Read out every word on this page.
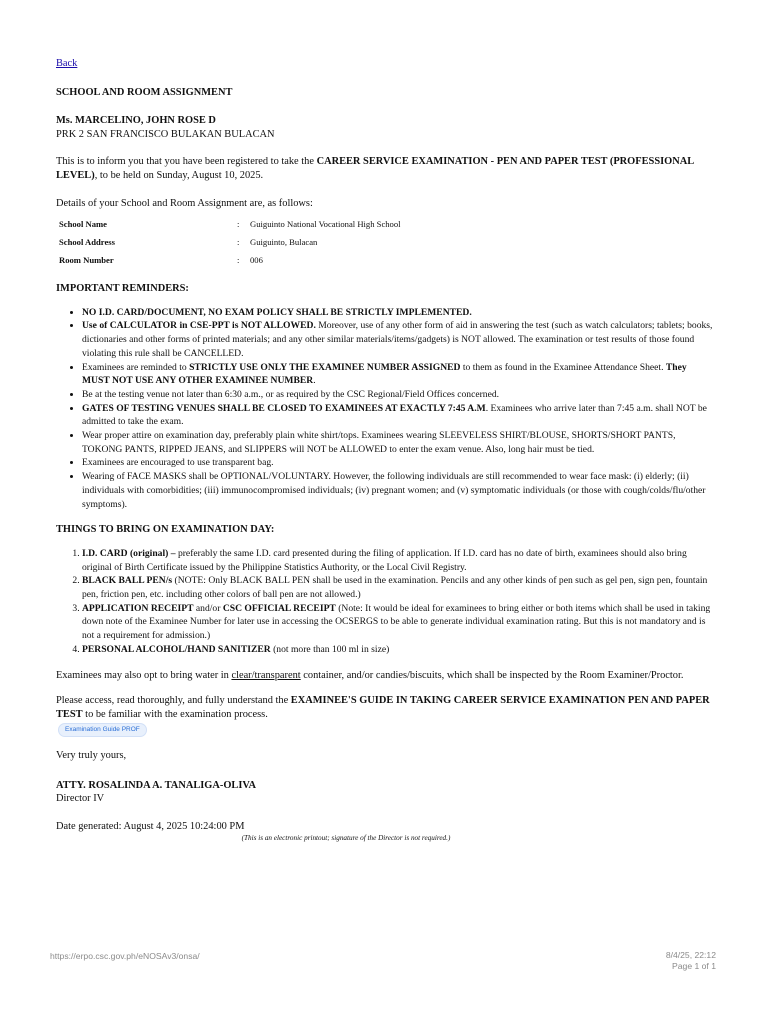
Back
SCHOOL AND ROOM ASSIGNMENT
Ms. MARCELINO, JOHN ROSE D
PRK 2 SAN FRANCISCO BULAKAN BULACAN
This is to inform you that you have been registered to take the CAREER SERVICE EXAMINATION - PEN AND PAPER TEST (PROFESSIONAL LEVEL), to be held on Sunday, August 10, 2025.
Details of your School and Room Assignment are, as follows:
School Name	:	Guiguinto National Vocational High School
School Address	:	Guiguinto, Bulacan
Room Number	:	006
IMPORTANT REMINDERS:
• NO I.D. CARD/DOCUMENT, NO EXAM POLICY SHALL BE STRICTLY IMPLEMENTED.
• Use of CALCULATOR in CSE-PPT is NOT ALLOWED. Moreover, use of any other form of aid in answering the test (such as watch calculators; tablets; books, dictionaries and other forms of printed materials; and any other similar materials/items/gadgets) is NOT allowed. The examination or test results of those found violating this rule shall be CANCELLED.
• Examinees are reminded to STRICTLY USE ONLY THE EXAMINEE NUMBER ASSIGNED to them as found in the Examinee Attendance Sheet. They MUST NOT USE ANY OTHER EXAMINEE NUMBER.
• Be at the testing venue not later than 6:30 a.m., or as required by the CSC Regional/Field Offices concerned.
• GATES OF TESTING VENUES SHALL BE CLOSED TO EXAMINEES AT EXACTLY 7:45 A.M. Examinees who arrive later than 7:45 a.m. shall NOT be admitted to take the exam.
• Wear proper attire on examination day, preferably plain white shirt/tops. Examinees wearing SLEEVELESS SHIRT/BLOUSE, SHORTS/SHORT PANTS, TOKONG PANTS, RIPPED JEANS, and SLIPPERS will NOT be ALLOWED to enter the exam venue. Also, long hair must be tied.
• Examinees are encouraged to use transparent bag.
• Wearing of FACE MASKS shall be OPTIONAL/VOLUNTARY. However, the following individuals are still recommended to wear face mask: (i) elderly; (ii) individuals with comorbidities; (iii) immunocompromised individuals; (iv) pregnant women; and (v) symptomatic individuals (or those with cough/colds/flu/other symptoms).
THINGS TO BRING ON EXAMINATION DAY:
1. I.D. CARD (original) – preferably the same I.D. card presented during the filing of application. If I.D. card has no date of birth, examinees should also bring original of Birth Certificate issued by the Philippine Statistics Authority, or the Local Civil Registry.
2. BLACK BALL PEN/s (NOTE: Only BLACK BALL PEN shall be used in the examination. Pencils and any other kinds of pen such as gel pen, sign pen, fountain pen, friction pen, etc. including other colors of ball pen are not allowed.)
3. APPLICATION RECEIPT and/or CSC OFFICIAL RECEIPT (Note: It would be ideal for examinees to bring either or both items which shall be used in taking down note of the Examinee Number for later use in accessing the OCSERGS to be able to generate individual examination rating. But this is not mandatory and is not a requirement for admission.)
4. PERSONAL ALCOHOL/HAND SANITIZER (not more than 100 ml in size)
Examinees may also opt to bring water in clear/transparent container, and/or candies/biscuits, which shall be inspected by the Room Examiner/Proctor.
Please access, read thoroughly, and fully understand the EXAMINEE'S GUIDE IN TAKING CAREER SERVICE EXAMINATION PEN AND PAPER TEST to be familiar with the examination process.
Examination Guide PROF
Very truly yours,
ATTY. ROSALINDA A. TANALIGA-OLIVA
Director IV
Date generated: August 4, 2025 10:24:00 PM
(This is an electronic printout; signature of the Director is not required.)
https://erpo.csc.gov.ph/eNOSAv3/onsa/	8/4/25, 22:12
Page 1 of 1
